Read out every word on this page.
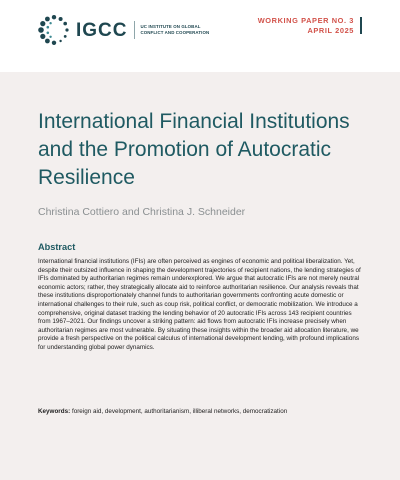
IGCC	UC INSTITUTE ON GLOBAL
CONFLICT AND COOPERATION
WORKING PAPER NO. 3
APRIL 2025
International Financial Institutions and the Promotion of Autocratic Resilience
Christina Cottiero and Christina J. Schneider
Abstract

International financial institutions (IFIs) are often perceived as engines of economic and political liberalization. Yet, despite their outsized influence in shaping the development trajectories of recipient nations, the lending strategies of IFIs dominated by authoritarian regimes remain underexplored. We argue that autocratic IFIs are not merely neutral economic actors; rather, they strategically allocate aid to reinforce authoritarian resilience. Our analysis reveals that these institutions disproportionately channel funds to authoritarian governments confronting acute domestic or international challenges to their rule, such as coup risk, political conflict, or democratic mobilization. We introduce a comprehensive, original dataset tracking the lending behavior of 20 autocratic IFIs across 143 recipient countries from 1967–2021. Our findings uncover a striking pattern: aid flows from autocratic IFIs increase precisely when authoritarian regimes are most vulnerable. By situating these insights within the broader aid allocation literature, we provide a fresh perspective on the political calculus of international development lending, with profound implications for understanding global power dynamics.

Keywords: foreign aid, development, authoritarianism, illiberal networks, democratization
